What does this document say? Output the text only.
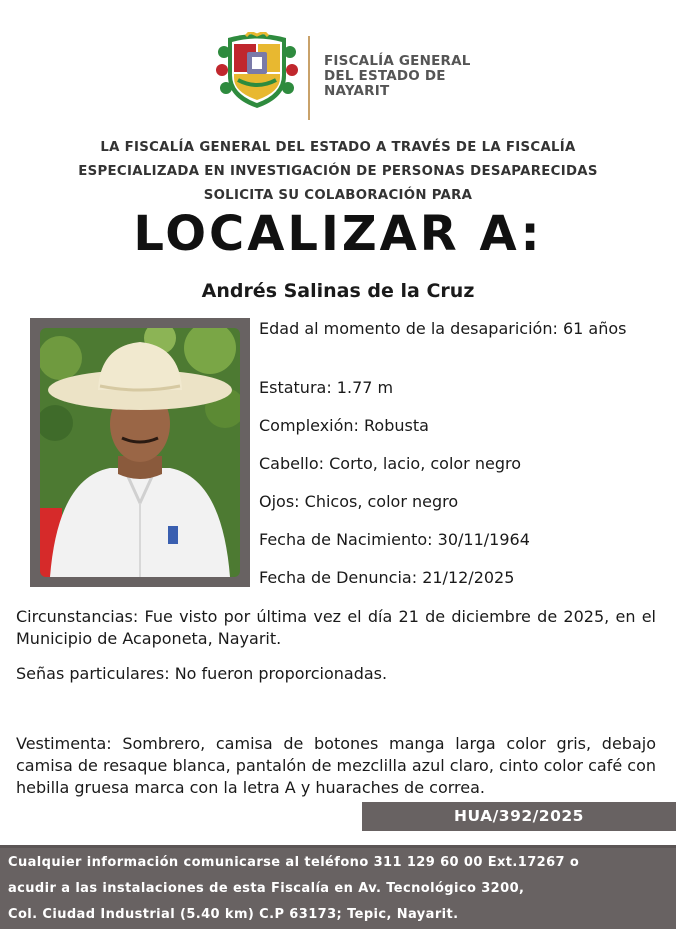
FISCALÍA GENERAL
DEL ESTADO DE
NAYARIT
LA FISCALÍA GENERAL DEL ESTADO A TRAVÉS DE LA FISCALÍA
ESPECIALIZADA EN INVESTIGACIÓN DE PERSONAS DESAPARECIDAS
SOLICITA SU COLABORACIÓN PARA
LOCALIZAR A:
Andrés Salinas de la Cruz
Edad al momento de la desaparición: 61 años
Estatura: 1.77 m
Complexión: Robusta
Cabello: Corto, lacio, color negro
Ojos: Chicos, color negro
Fecha de Nacimiento: 30/11/1964
Fecha de Denuncia: 21/12/2025
Circunstancias: Fue visto por última vez el día 21 de diciembre de 2025, en el Municipio de Acaponeta, Nayarit.
Señas particulares: No fueron proporcionadas.
Vestimenta: Sombrero, camisa de botones manga larga color gris, debajo camisa de resaque blanca, pantalón de mezclilla azul claro, cinto color café con hebilla gruesa marca con la letra A y huaraches de correa.
HUA/392/2025
Cualquier información comunicarse al teléfono 311 129 60 00 Ext.17267 o
acudir a las instalaciones de esta Fiscalía en Av. Tecnológico 3200,
Col. Ciudad Industrial (5.40 km) C.P 63173; Tepic, Nayarit.
